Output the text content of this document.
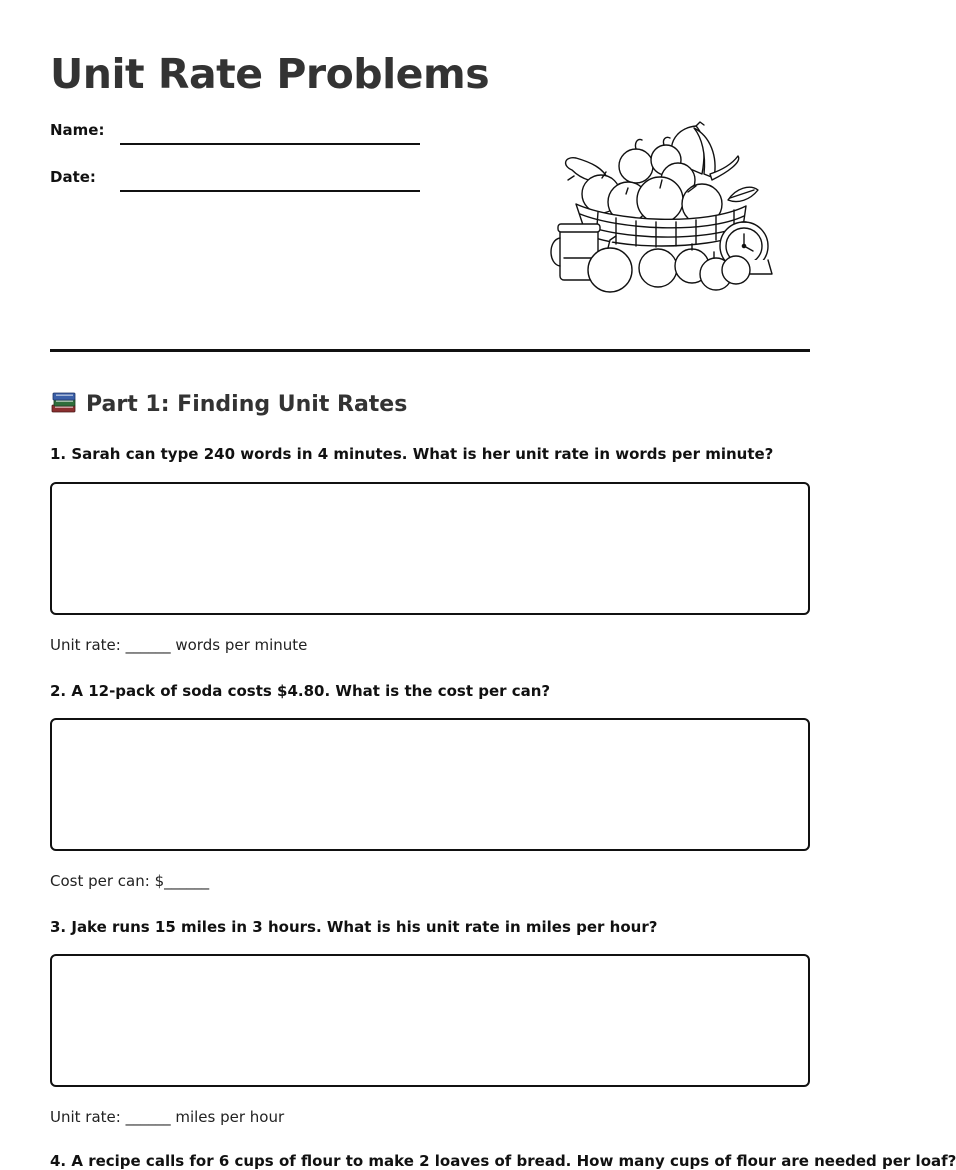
Unit Rate Problems
Name:
Date:
Part 1: Finding Unit Rates
1. Sarah can type 240 words in 4 minutes. What is her unit rate in words per minute?
Unit rate: ______ words per minute
2. A 12-pack of soda costs $4.80. What is the cost per can?
Cost per can: $______
3. Jake runs 15 miles in 3 hours. What is his unit rate in miles per hour?
Unit rate: ______ miles per hour
4. A recipe calls for 6 cups of flour to make 2 loaves of bread. How many cups of flour are needed per loaf?
